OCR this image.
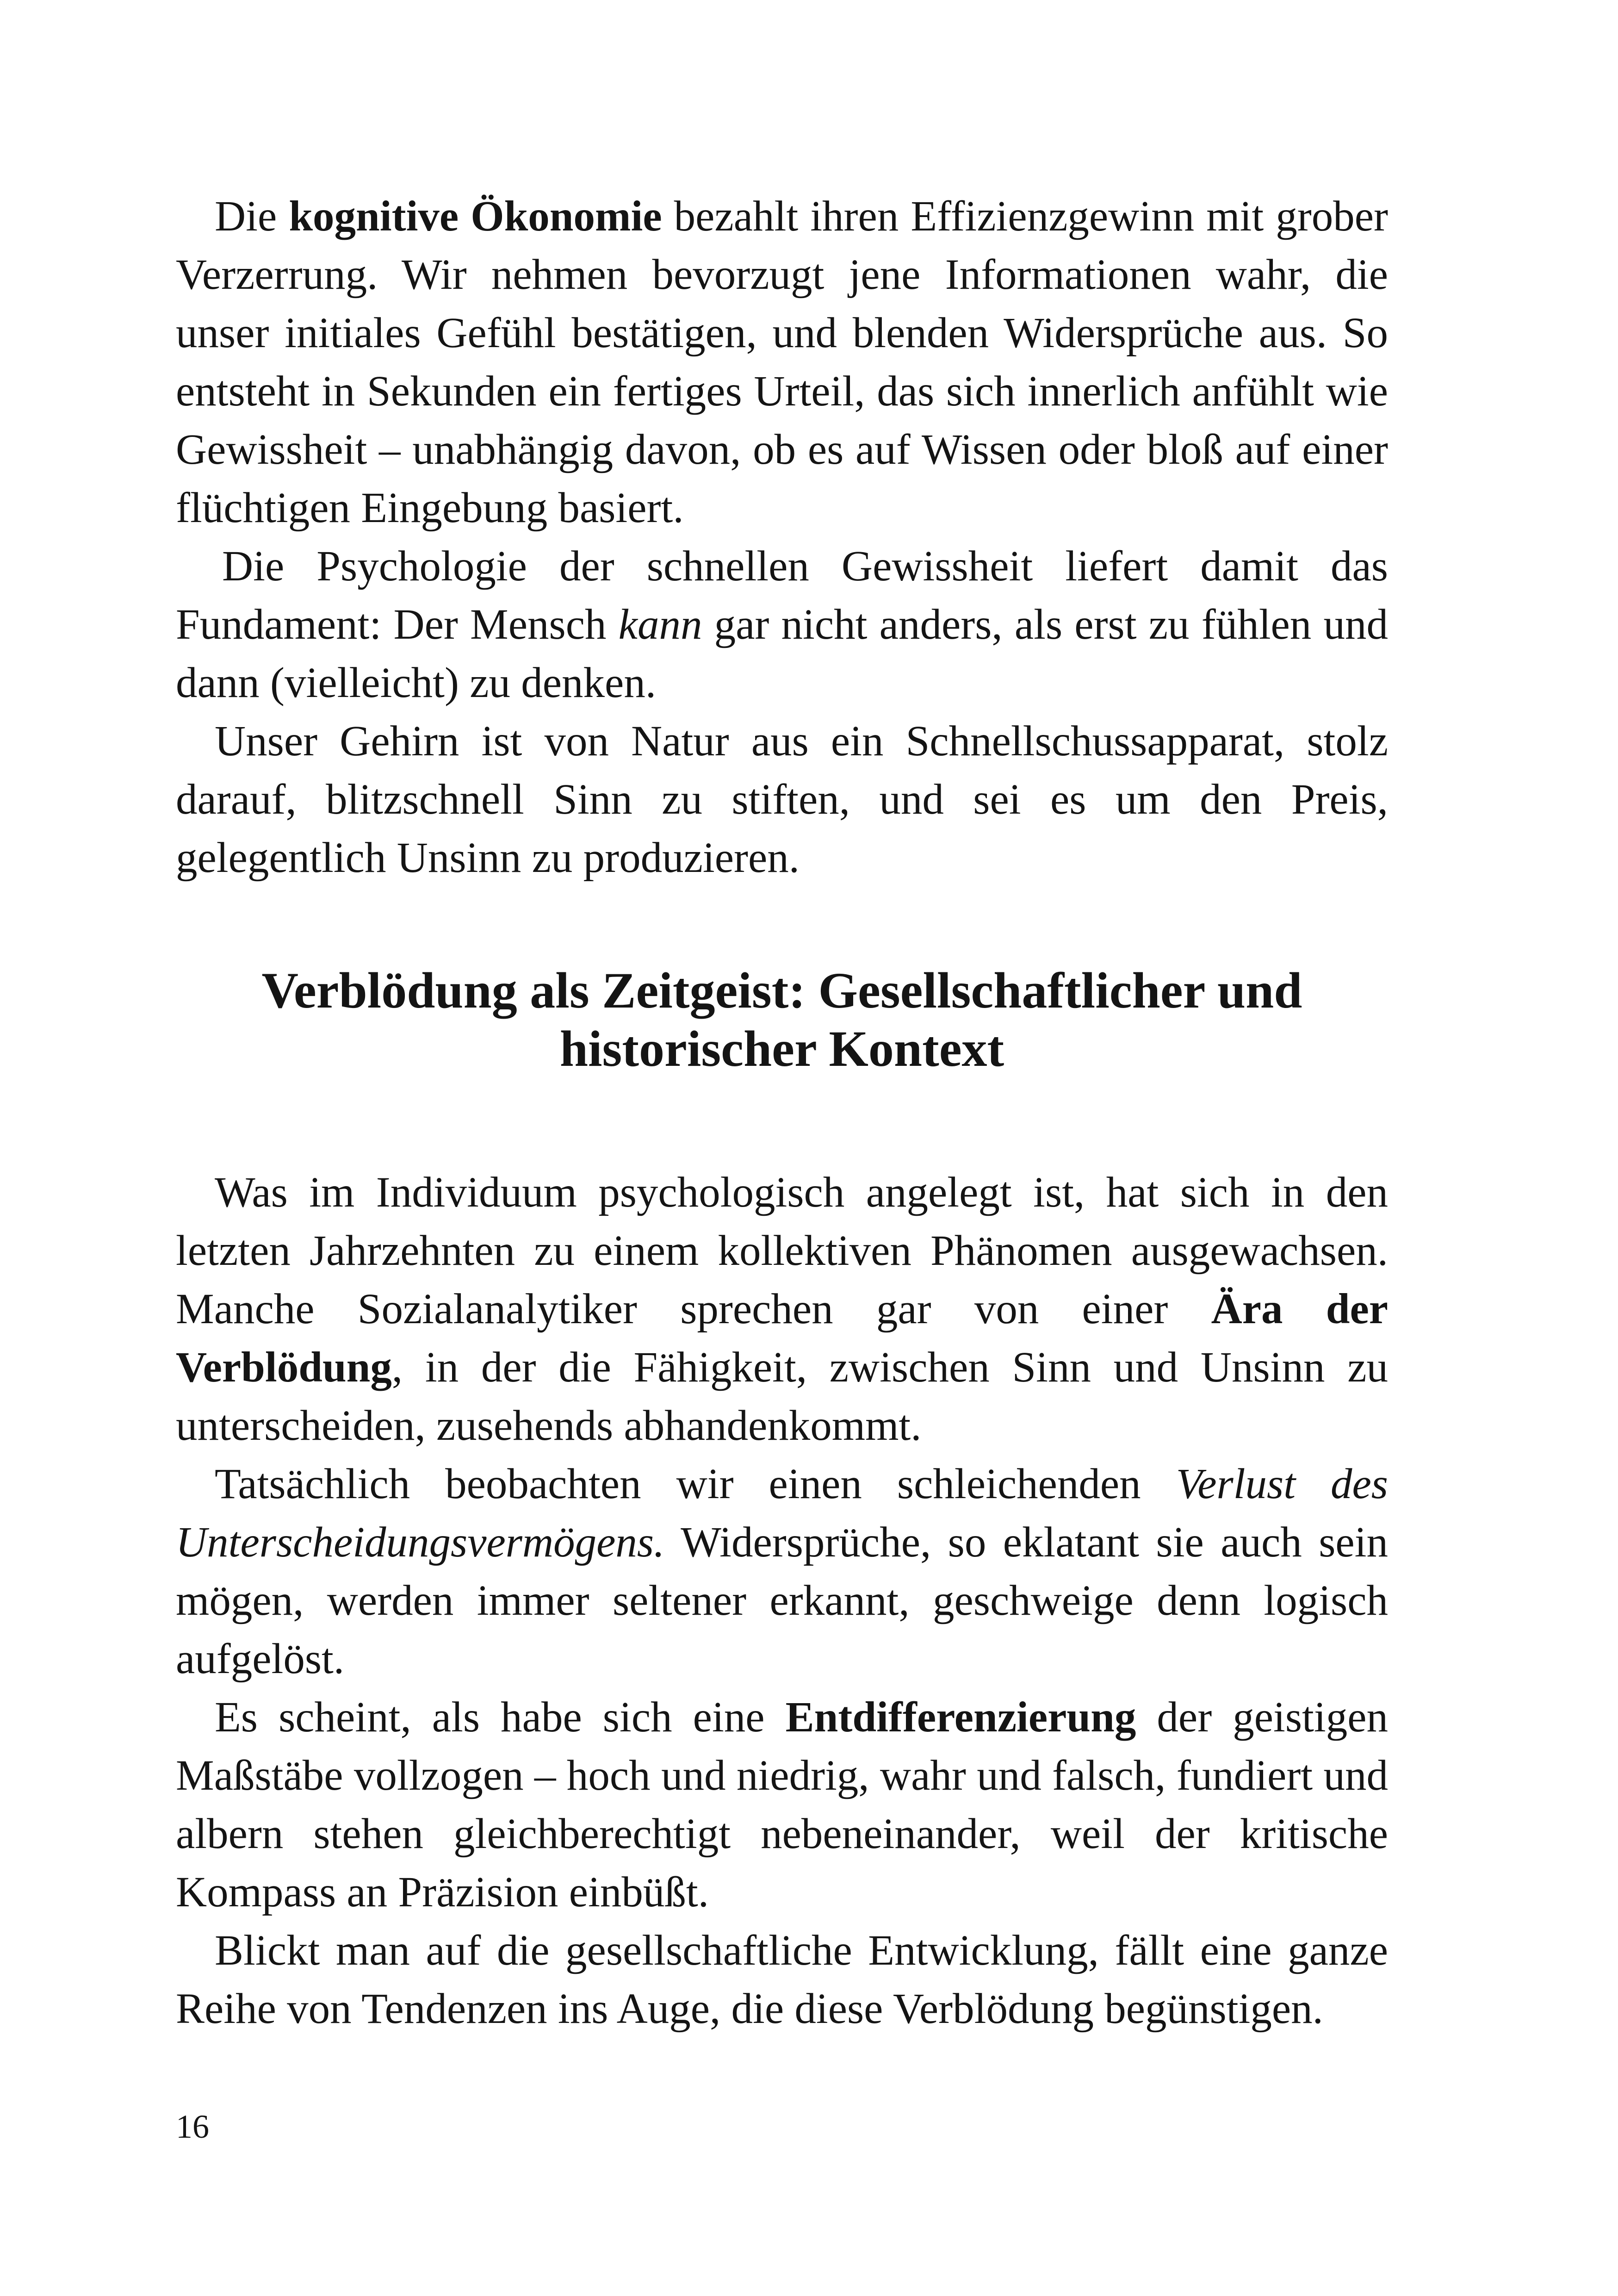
Die kognitive Ökonomie bezahlt ihren Effizienzgewinn mit grober Verzerrung. Wir nehmen bevorzugt jene Informationen wahr, die unser initiales Gefühl bestätigen, und blenden Widersprüche aus. So entsteht in Sekunden ein fertiges Urteil, das sich innerlich anfühlt wie Gewissheit – unabhängig davon, ob es auf Wissen oder bloß auf einer flüchtigen Eingebung basiert.

Die Psychologie der schnellen Gewissheit liefert damit das Fundament: Der Mensch kann gar nicht anders, als erst zu fühlen und dann (vielleicht) zu denken.

Unser Gehirn ist von Natur aus ein Schnellschussapparat, stolz darauf, blitzschnell Sinn zu stiften, und sei es um den Preis, gelegentlich Unsinn zu produzieren.

Verblödung als Zeitgeist: Gesellschaftlicher und historischer Kontext

Was im Individuum psychologisch angelegt ist, hat sich in den letzten Jahrzehnten zu einem kollektiven Phänomen ausgewachsen. Manche Sozialanalytiker sprechen gar von einer Ära der Verblödung, in der die Fähigkeit, zwischen Sinn und Unsinn zu unterscheiden, zusehends abhandenkommt.

Tatsächlich beobachten wir einen schleichenden Verlust des Unterscheidungsvermögens. Widersprüche, so eklatant sie auch sein mögen, werden immer seltener erkannt, geschweige denn logisch aufgelöst.

Es scheint, als habe sich eine Entdifferenzierung der geistigen Maßstäbe vollzogen – hoch und niedrig, wahr und falsch, fundiert und albern stehen gleichberechtigt nebeneinander, weil der kritische Kompass an Präzision einbüßt.

Blickt man auf die gesellschaftliche Entwicklung, fällt eine ganze Reihe von Tendenzen ins Auge, die diese Verblödung begünstigen.

16
